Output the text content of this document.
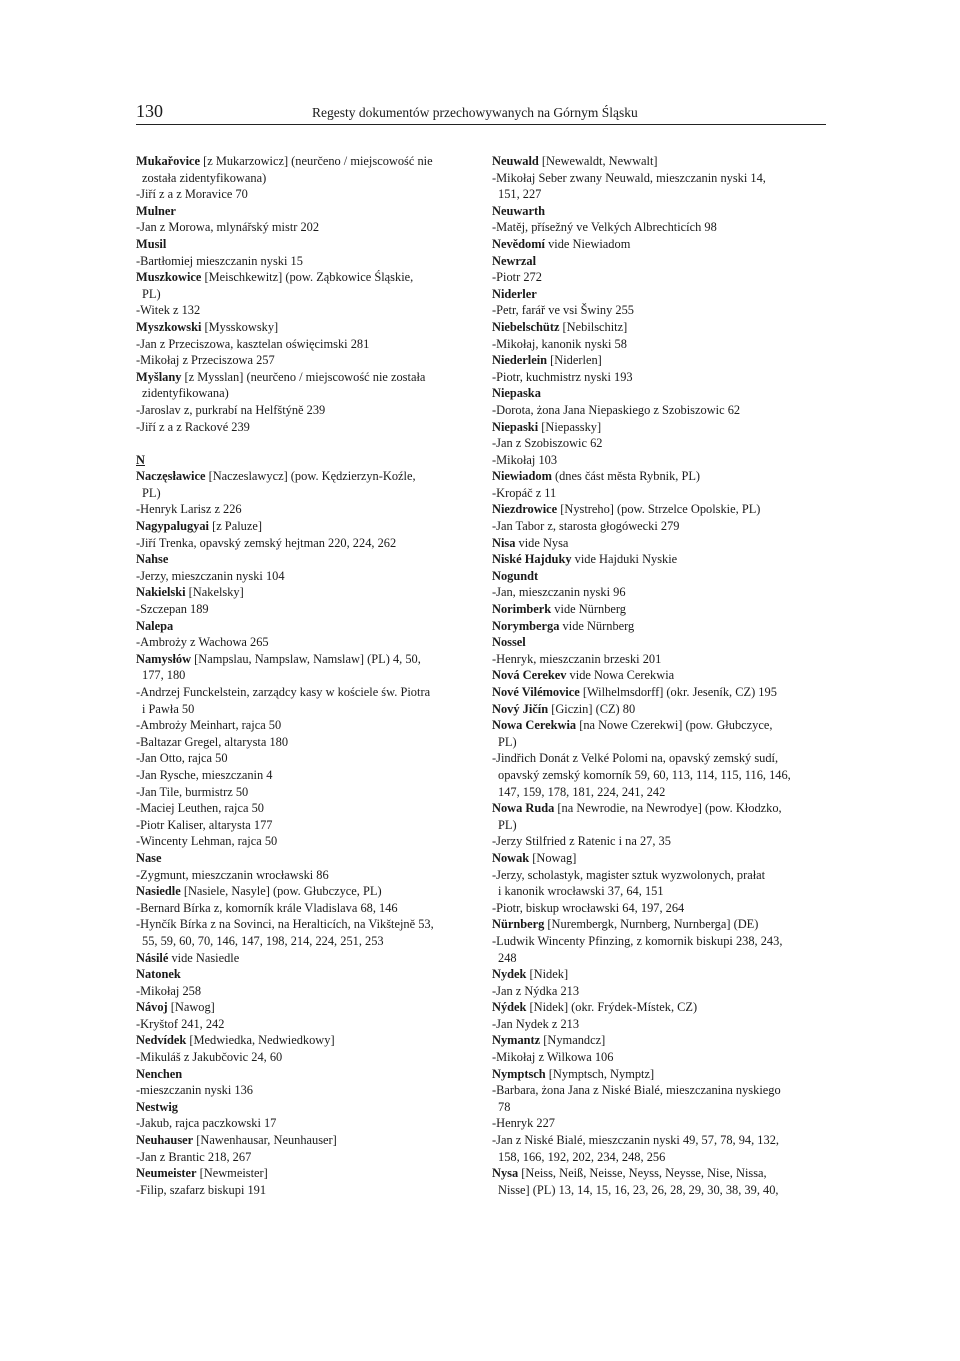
130	Regesty dokumentów przechowywanych na Górnym Śląsku
Mukařovice [z Mukarzowicz] (neurčeno / miejscowość nie
została zidentyfikowana)
-Jiří z a z Moravice 70
Mulner
-Jan z Morowa, mlynářský mistr 202
Musil
-Bartłomiej mieszczanin nyski 15
Muszkowice [Meischkewitz] (pow. Ząbkowice Śląskie,
PL)
-Witek z 132
Myszkowski [Mysskowsky]
-Jan z Przeciszowa, kasztelan oświęcimski 281
-Mikołaj z Przeciszowa 257
Myšlany [z Mysslan] (neurčeno / miejscowość nie została
zidentyfikowana)
-Jaroslav z, purkrabí na Helfštýně 239
-Jiří z a z Rackové 239
N
Naczęsławice [Naczeslawycz] (pow. Kędzierzyn-Koźle,
PL)
-Henryk Larisz z 226
Nagypalugyai [z Paluze]
-Jiří Trenka, opavský zemský hejtman 220, 224, 262
Nahse
-Jerzy, mieszczanin nyski 104
Nakielski [Nakelsky]
-Szczepan 189
Nalepa
-Ambroży z Wachowa 265
Namysłów [Nampslau, Nampslaw, Namslaw] (PL) 4, 50,
177, 180
-Andrzej Funckelstein, zarządcy kasy w kościele św. Piotra
i Pawła 50
-Ambroży Meinhart, rajca 50
-Baltazar Gregel, altarysta 180
-Jan Otto, rajca 50
-Jan Rysche, mieszczanin 4
-Jan Tile, burmistrz 50
-Maciej Leuthen, rajca 50
-Piotr Kaliser, altarysta 177
-Wincenty Lehman, rajca 50
Nase
-Zygmunt, mieszczanin wrocławski 86
Nasiedle [Nasiele, Nasyle] (pow. Głubczyce, PL)
-Bernard Bírka z, komorník krále Vladislava 68, 146
-Hynčík Bírka z na Sovinci, na Heralticích, na Vikštejně 53,
55, 59, 60, 70, 146, 147, 198, 214, 224, 251, 253
Násilé vide Nasiedle
Natonek
-Mikołaj 258
Návoj [Nawog]
-Kryštof 241, 242
Nedvídek [Medwiedka, Nedwiedkowy]
-Mikuláš z Jakubčovic 24, 60
Nenchen
-mieszczanin nyski 136
Nestwig
-Jakub, rajca paczkowski 17
Neuhauser [Nawenhausar, Neunhauser]
-Jan z Brantic 218, 267
Neumeister [Newmeister]
-Filip, szafarz biskupi 191
Neuwald [Newewaldt, Newwalt]
-Mikołaj Seber zwany Neuwald, mieszczanin nyski 14,
151, 227
Neuwarth
-Matěj, přísežný ve Velkých Albrechticích 98
Nevědomí vide Niewiadom
Newrzal
-Piotr 272
Niderler
-Petr, farář ve vsi Šwiny 255
Niebelschütz [Nebilschitz]
-Mikołaj, kanonik nyski 58
Niederlein [Niderlen]
-Piotr, kuchmistrz nyski 193
Niepaska
-Dorota, żona Jana Niepaskiego z Szobiszowic 62
Niepaski [Niepassky]
-Jan z Szobiszowic 62
-Mikołaj 103
Niewiadom (dnes část města Rybnik, PL)
-Kropáč z 11
Niezdrowice [Nystreho] (pow. Strzelce Opolskie, PL)
-Jan Tabor z, starosta głogówecki 279
Nisa vide Nysa
Niské Hajduky vide Hajduki Nyskie
Nogundt
-Jan, mieszczanin nyski 96
Norimberk vide Nürnberg
Norymberga vide Nürnberg
Nossel
-Henryk, mieszczanin brzeski 201
Nová Cerekev vide Nowa Cerekwia
Nové Vilémovice [Wilhelmsdorff] (okr. Jeseník, CZ) 195
Nový Jičín [Giczin] (CZ) 80
Nowa Cerekwia [na Nowe Czerekwi] (pow. Głubczyce,
PL)
-Jindřich Donát z Velké Polomi na, opavský zemský sudí,
opavský zemský komorník 59, 60, 113, 114, 115, 116, 146,
147, 159, 178, 181, 224, 241, 242
Nowa Ruda [na Newrodie, na Newrodye] (pow. Kłodzko,
PL)
-Jerzy Stilfried z Ratenic i na 27, 35
Nowak [Nowag]
-Jerzy, scholastyk, magister sztuk wyzwolonych, prałat
i kanonik wrocławski 37, 64, 151
-Piotr, biskup wrocławski 64, 197, 264
Nürnberg [Nurembergk, Nurnberg, Nurnberga] (DE)
-Ludwik Wincenty Pfinzing, z komornik biskupi 238, 243,
248
Nydek [Nidek]
-Jan z Nýdka 213
Nýdek [Nidek] (okr. Frýdek-Místek, CZ)
-Jan Nydek z 213
Nymantz [Nymandcz]
-Mikołaj z Wilkowa 106
Nymptsch [Nymptsch, Nymptz]
-Barbara, żona Jana z Niské Bialé, mieszczanina nyskiego
78
-Henryk 227
-Jan z Niské Bialé, mieszczanin nyski 49, 57, 78, 94, 132,
158, 166, 192, 202, 234, 248, 256
Nysa [Neiss, Neiß, Neisse, Neyss, Neysse, Nise, Nissa,
Nisse] (PL) 13, 14, 15, 16, 23, 26, 28, 29, 30, 38, 39, 40,
